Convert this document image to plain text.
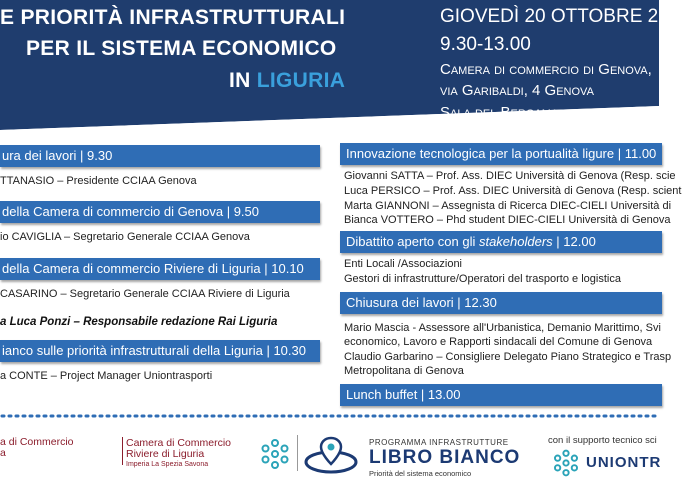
E PRIORITÀ INFRASTRUTTURALI
PER IL SISTEMA ECONOMICO
IN LIGURIA
GIOVEDÌ 20 OTTOBRE 2022
9.30-13.00
Camera di commercio di Genova,
via Garibaldi, 4 Genova
Sala del Bergamasco
ura dei lavori | 9.30
TTANASIO – Presidente CCIAA Genova
della Camera di commercio di Genova | 9.50
io CAVIGLIA – Segretario Generale CCIAA Genova
della Camera di commercio Riviere di Liguria | 10.10
CASARINO – Segretario Generale CCIAA Riviere di Liguria
a Luca Ponzi – Responsabile redazione Rai Liguria
ianco sulle priorità infrastrutturali della Liguria | 10.30
a CONTE – Project Manager Uniontrasporti
Innovazione tecnologica per la portualità ligure | 11.00
Giovanni SATTA – Prof. Ass. DIEC Università di Genova (Resp. scie
Luca PERSICO – Prof. Ass. DIEC Università di Genova (Resp. scient
Marta GIANNONI – Assegnista di Ricerca DIEC-CIELI Università di
Bianca VOTTERO – Phd student DIEC-CIELI Università di Genova
Dibattito aperto con gli stakeholders | 12.00
Enti Locali /Associazioni
Gestori di infrastrutture/Operatori del trasporto e logistica
Chiusura dei lavori | 12.30
Mario Mascia - Assessore all'Urbanistica, Demanio Marittimo, Svi
economico, Lavoro e Rapporti sindacali del Comune di Genova
Claudio Garbarino – Consigliere Delegato Piano Strategico e Trasp
Metropolitana di Genova
Lunch buffet | 13.00
a di Commercio
a
Camera di Commercio
Riviere di Liguria
Imperia La Spezia Savona
PROGRAMMA INFRASTRUTTURE
LIBRO BIANCO
Priorità del sistema economico
con il supporto tecnico sci
UNIONTR
